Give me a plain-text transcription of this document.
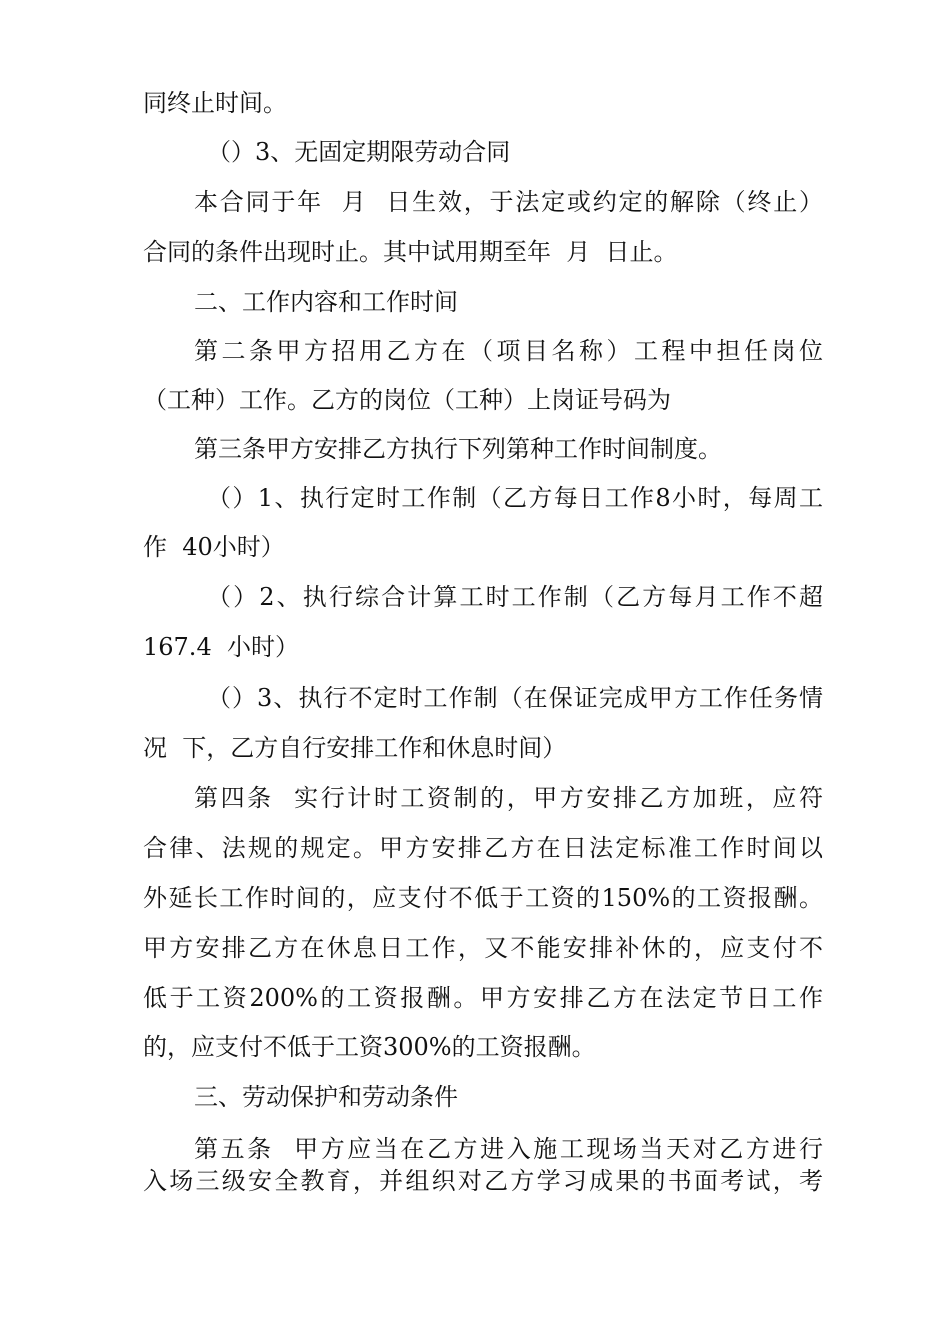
同终止时间。
（）3、无固定期限劳动合同
本合同于年  月  日生效，于法定或约定的解除（终止）
合同的条件出现时止。其中试用期至年  月  日止。
二、工作内容和工作时间
第二条甲方招用乙方在（项目名称）工程中担任岗位
（工种）工作。乙方的岗位（工种）上岗证号码为
第三条甲方安排乙方执行下列第种工作时间制度。
（）1、执行定时工作制（乙方每日工作8小时，每周工
作  40小时）
（）2、执行综合计算工时工作制（乙方每月工作不超
167.4  小时）
（）3、执行不定时工作制（在保证完成甲方工作任务情
况  下，乙方自行安排工作和休息时间）
第四条  实行计时工资制的，甲方安排乙方加班，应符
合律、法规的规定。甲方安排乙方在日法定标准工作时间以
外延长工作时间的，应支付不低于工资的150%的工资报酬。
甲方安排乙方在休息日工作，又不能安排补休的，应支付不
低于工资200%的工资报酬。甲方安排乙方在法定节日工作
的，应支付不低于工资300%的工资报酬。
三、劳动保护和劳动条件
第五条  甲方应当在乙方进入施工现场当天对乙方进行
入场三级安全教育，并组织对乙方学习成果的书面考试，考
